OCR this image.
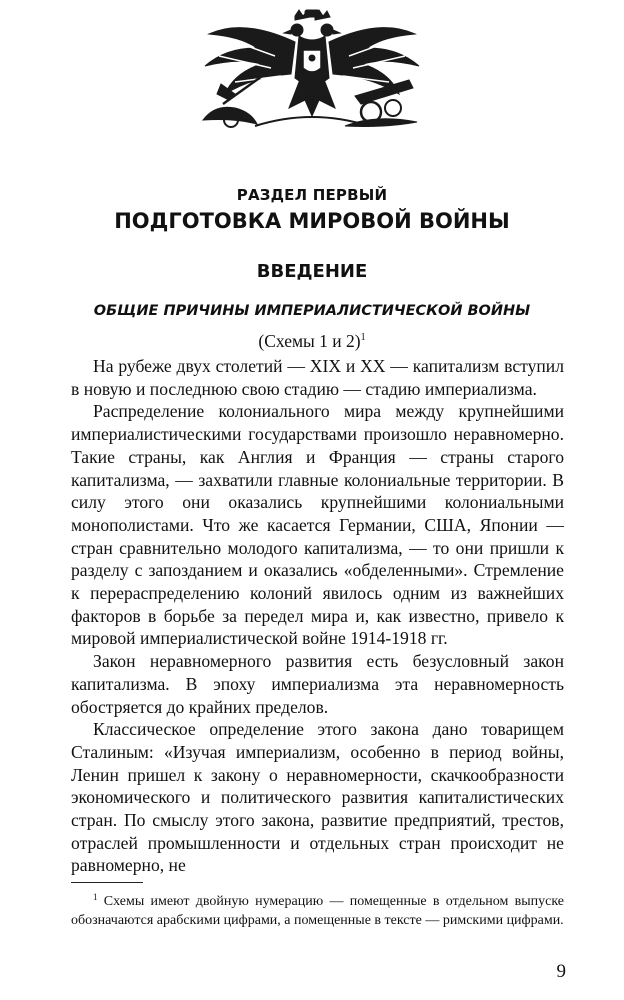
РАЗДЕЛ ПЕРВЫЙ
ПОДГОТОВКА МИРОВОЙ ВОЙНЫ
ВВЕДЕНИЕ
ОБЩИЕ ПРИЧИНЫ ИМПЕРИАЛИСТИЧЕСКОЙ ВОЙНЫ
(Схемы 1 и 2)$^1$

На рубеже двух столетий — XIX и XX — капитализм вступил в новую и последнюю свою стадию — стадию империализма.

Распределение колониального мира между крупнейшими империалистическими государствами произошло неравномерно. Такие страны, как Англия и Франция — страны старого капитализма, — захватили главные колониальные территории. В силу этого они оказались крупнейшими колониальными монополистами. Что же касается Германии, США, Японии — стран сравнительно молодого капитализма, — то они пришли к разделу с запозданием и оказались «обделенными». Стремление к перераспределению колоний явилось одним из важнейших факторов в борьбе за передел мира и, как известно, привело к мировой империалистической войне 1914-1918 гг.

Закон неравномерного развития есть безусловный закон капитализма. В эпоху империализма эта неравномерность обостряется до крайних пределов.

Классическое определение этого закона дано товарищем Сталиным: «Изучая империализм, особенно в период войны, Ленин пришел к закону о неравномерности, скачкообразности экономического и политического развития капиталистических стран. По смыслу этого закона, развитие предприятий, трестов, отраслей промышленности и отдельных стран происходит не равномерно, не

$^1$ Схемы имеют двойную нумерацию — помещенные в отдельном выпуске обозначаются арабскими цифрами, а помещенные в тексте — римскими цифрами.
9
